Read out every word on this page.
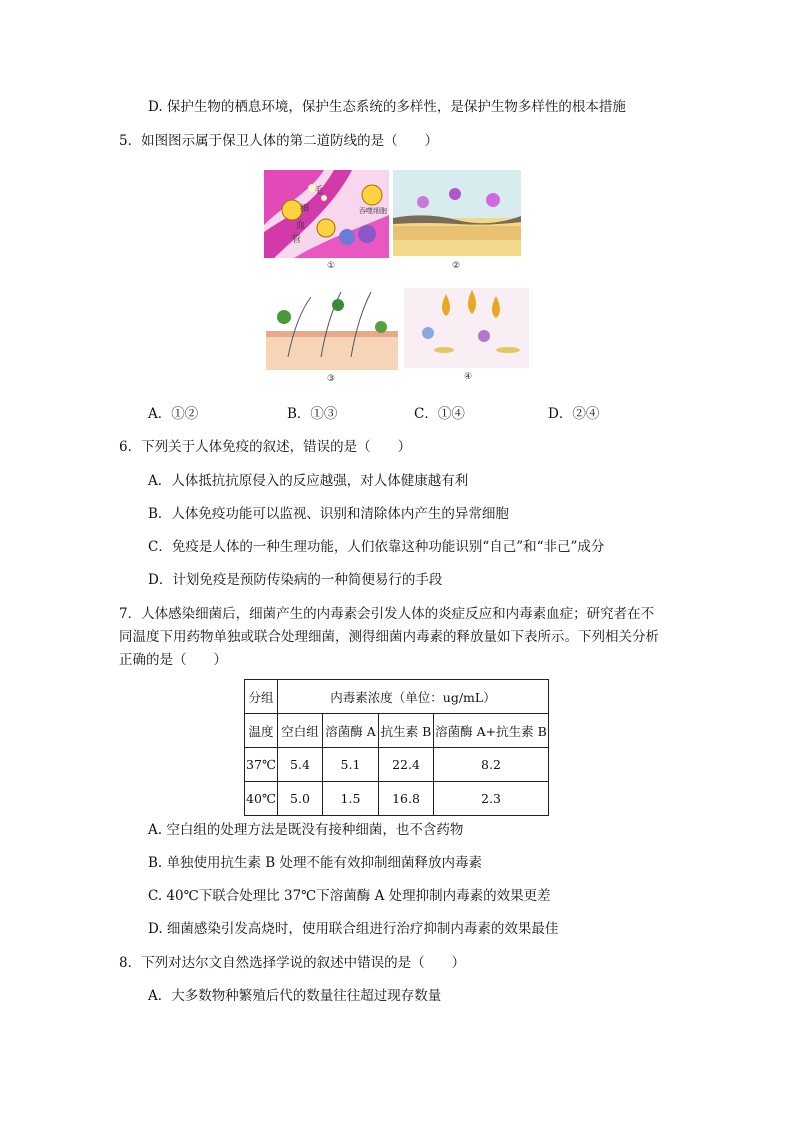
D. 保护生物的栖息环境，保护生态系统的多样性，是保护生物多样性的根本措施
5．如图图示属于保卫人体的第二道防线的是（　　）
毛
细
血
管
吞噬细胞
①	②
③	④
A．①②	B．①③	C．①④	D．②④
6．下列关于人体免疫的叙述，错误的是（　　）
A．人体抵抗抗原侵入的反应越强，对人体健康越有利
B．人体免疫功能可以监视、识别和清除体内产生的异常细胞
C．免疫是人体的一种生理功能，人们依靠这种功能识别“自己”和“非己”成分
D．计划免疫是预防传染病的一种简便易行的手段
7．人体感染细菌后，细菌产生的内毒素会引发人体的炎症反应和内毒素血症；研究者在不
同温度下用药物单独或联合处理细菌，测得细菌内毒素的释放量如下表所示。下列相关分析
正确的是（　　）
分组	内毒素浓度（单位：ug/mL）			
温度	空白组	溶菌酶 A	抗生素 B	溶菌酶 A+抗生素 B
37℃	5.4	5.1	22.4	8.2
40℃	5.0	1.5	16.8	2.3
A. 空白组的处理方法是既没有接种细菌，也不含药物
B. 单独使用抗生素 B 处理不能有效抑制细菌释放内毒素
C. 40℃下联合处理比 37℃下溶菌酶 A 处理抑制内毒素的效果更差
D. 细菌感染引发高烧时，使用联合组进行治疗抑制内毒素的效果最佳
8．下列对达尔文自然选择学说的叙述中错误的是（　　）
A．大多数物种繁殖后代的数量往往超过现存数量
